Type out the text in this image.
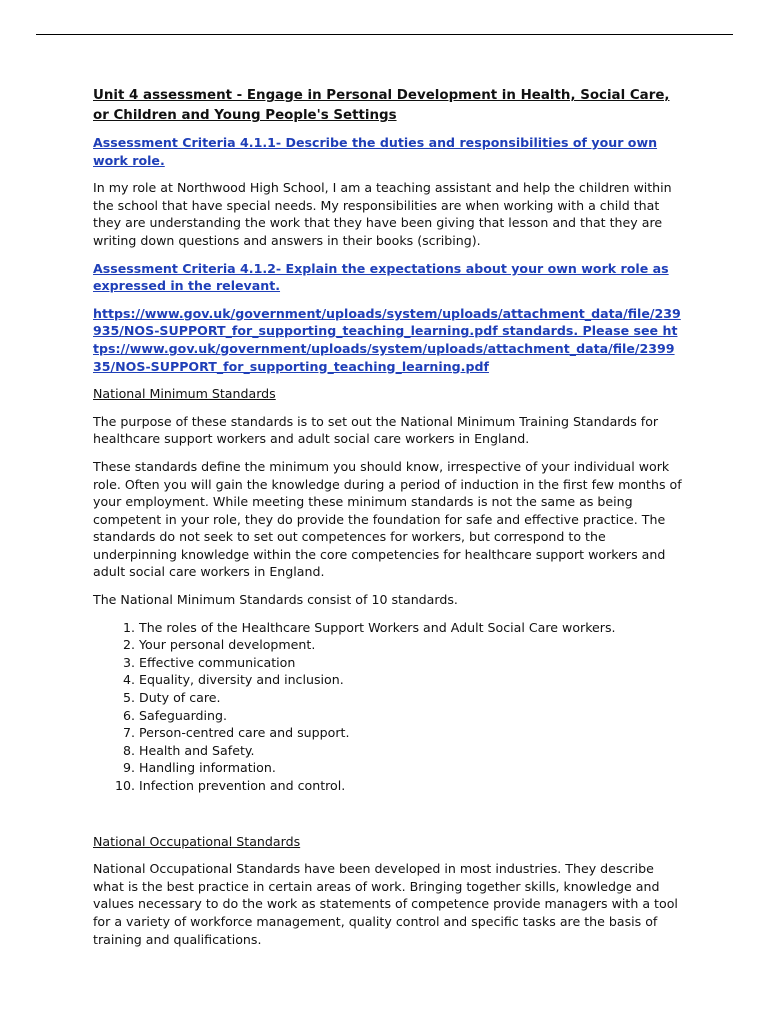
Unit 4 assessment - Engage in Personal Development in Health, Social Care, or Children and Young People's Settings
Assessment Criteria 4.1.1- Describe the duties and responsibilities of your own work role.

In my role at Northwood High School, I am a teaching assistant and help the children within the school that have special needs. My responsibilities are when working with a child that they are understanding the work that they have been giving that lesson and that they are writing down questions and answers in their books (scribing).

Assessment Criteria 4.1.2- Explain the expectations about your own work role as expressed in the relevant.
https://www.gov.uk/government/uploads/system/uploads/attachment_data/file/239935/NOS-SUPPORT_for_supporting_teaching_learning.pdf standards. Please see https://www.gov.uk/government/uploads/system/uploads/attachment_data/file/239935/NOS-SUPPORT_for_supporting_teaching_learning.pdf
National Minimum Standards

The purpose of these standards is to set out the National Minimum Training Standards for healthcare support workers and adult social care workers in England.

These standards define the minimum you should know, irrespective of your individual work role. Often you will gain the knowledge during a period of induction in the first few months of your employment. While meeting these minimum standards is not the same as being competent in your role, they do provide the foundation for safe and effective practice. The standards do not seek to set out competences for workers, but correspond to the underpinning knowledge within the core competencies for healthcare support workers and adult social care workers in England.

The National Minimum Standards consist of 10 standards.

1. The roles of the Healthcare Support Workers and Adult Social Care workers.
2. Your personal development.
3. Effective communication
4. Equality, diversity and inclusion.
5. Duty of care.
6. Safeguarding.
7. Person-centred care and support.
8. Health and Safety.
9. Handling information.
10. Infection prevention and control.
National Occupational Standards

National Occupational Standards have been developed in most industries. They describe what is the best practice in certain areas of work. Bringing together skills, knowledge and values necessary to do the work as statements of competence provide managers with a tool for a variety of workforce management, quality control and specific tasks are the basis of training and qualifications.
